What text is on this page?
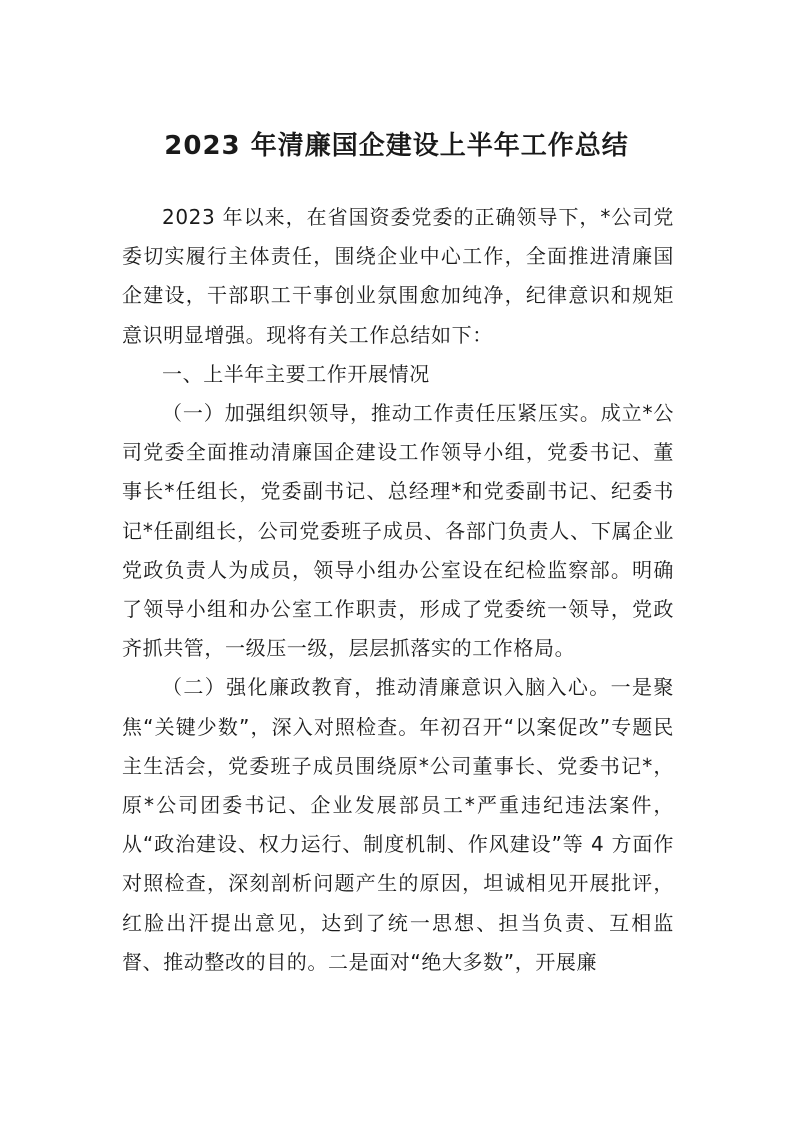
2023 年清廉国企建设上半年工作总结

2023 年以来，在省国资委党委的正确领导下，*公司党委切实履行主体责任，围绕企业中心工作，全面推进清廉国企建设，干部职工干事创业氛围愈加纯净，纪律意识和规矩意识明显增强。现将有关工作总结如下：

一、上半年主要工作开展情况

（一）加强组织领导，推动工作责任压紧压实。成立*公司党委全面推动清廉国企建设工作领导小组，党委书记、董事长*任组长，党委副书记、总经理*和党委副书记、纪委书记*任副组长，公司党委班子成员、各部门负责人、下属企业党政负责人为成员，领导小组办公室设在纪检监察部。明确了领导小组和办公室工作职责，形成了党委统一领导，党政齐抓共管，一级压一级，层层抓落实的工作格局。

（二）强化廉政教育，推动清廉意识入脑入心。一是聚焦“关键少数”，深入对照检查。年初召开“以案促改”专题民主生活会，党委班子成员围绕原*公司董事长、党委书记*，原*公司团委书记、企业发展部员工*严重违纪违法案件，从“政治建设、权力运行、制度机制、作风建设”等 4 方面作对照检查，深刻剖析问题产生的原因，坦诚相见开展批评，红脸出汗提出意见，达到了统一思想、担当负责、互相监督、推动整改的目的。二是面对“绝大多数”，开展廉
